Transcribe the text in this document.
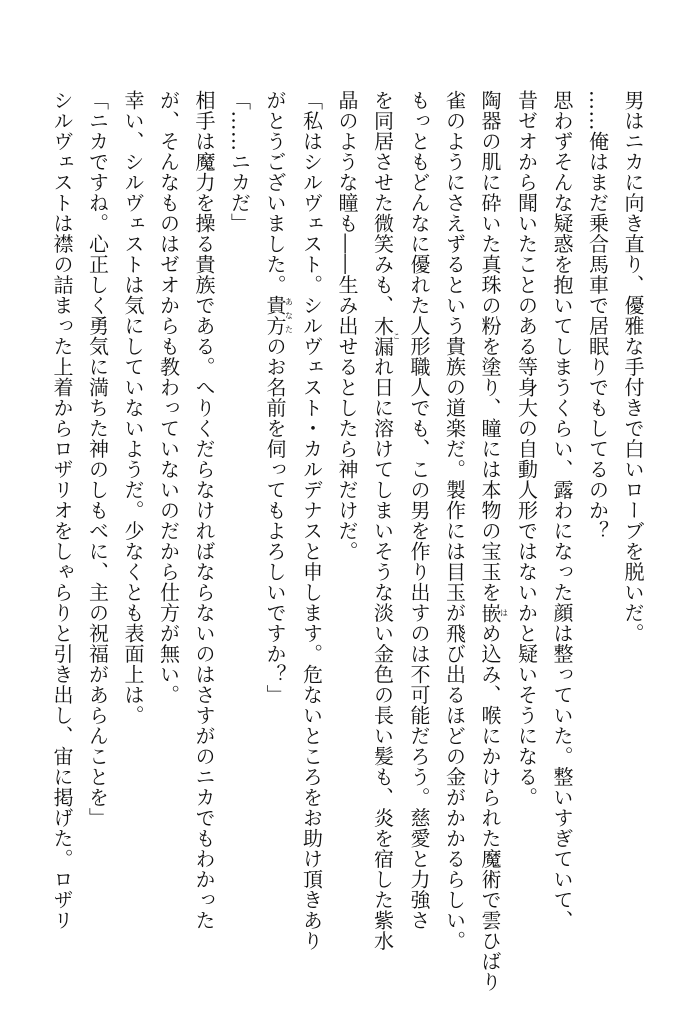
男はニカに向き直り、優雅な手付きで白いローブを脱いだ。
……俺はまだ乗合馬車で居眠りでもしてるのか？
思わずそんな疑惑を抱いてしまうくらい、露わになった顔は整っていた。整いすぎていて、
昔ゼオから聞いたことのある等身大の自動人形ではないかと疑いそうになる。
陶器の肌に砕いた真珠の粉を塗り、瞳には本物の宝玉を嵌はめ込み、喉にかけられた魔術で雲ひばり
雀のようにさえずるという貴族の道楽だ。製作には目玉が飛び出るほどの金がかかるらしい。
もっともどんなに優れた人形職人でも、この男を作り出すのは不可能だろう。慈愛と力強さ
を同居させた微笑みも、木漏これ日に溶けてしまいそうな淡い金色の長い髪も、炎を宿した紫水
晶のような瞳も――生み出せるとしたら神だけだ。
「私はシルヴェスト。シルヴェスト・カルデナスと申します。危ないところをお助け頂きあり
がとうございました。貴方あなたのお名前を伺ってもよろしいですか？」
「……ニカだ」
相手は魔力を操る貴族である。へりくだらなければならないのはさすがのニカでもわかった
が、そんなものはゼオからも教わっていないのだから仕方が無い。
幸い、シルヴェストは気にしていないようだ。少なくとも表面上は。
「ニカですね。心正しく勇気に満ちた神のしもべに、主の祝福があらんことを」
シルヴェストは襟の詰まった上着からロザリオをしゃらりと引き出し、宙に掲げた。ロザリ
